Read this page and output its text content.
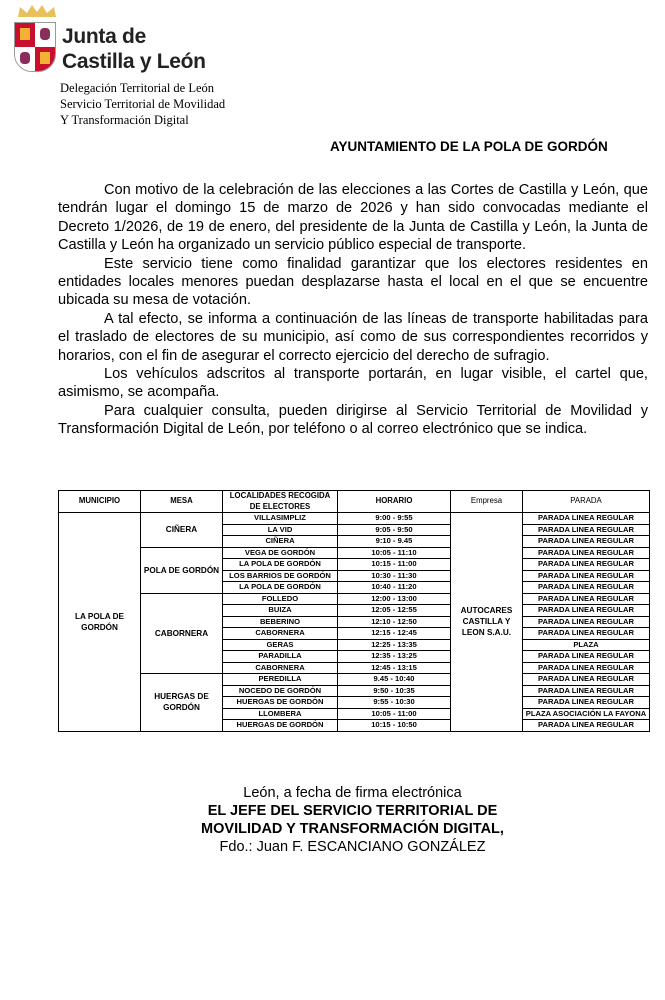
Junta de
Castilla y León
Delegación Territorial de León
Servicio Territorial de Movilidad
Y Transformación Digital
AYUNTAMIENTO DE LA POLA DE GORDÓN

Con motivo de la celebración de las elecciones a las Cortes de Castilla y León, que tendrán lugar el domingo 15 de marzo de 2026 y han sido convocadas mediante el Decreto 1/2026, de 19 de enero, del presidente de la Junta de Castilla y León, la Junta de Castilla y León ha organizado un servicio público especial de transporte.

Este servicio tiene como finalidad garantizar que los electores residentes en entidades locales menores puedan desplazarse hasta el local en el que se encuentre ubicada su mesa de votación.

A tal efecto, se informa a continuación de las líneas de transporte habilitadas para el traslado de electores de su municipio, así como de sus correspondientes recorridos y horarios, con el fin de asegurar el correcto ejercicio del derecho de sufragio.

Los vehículos adscritos al transporte portarán, en lugar visible, el cartel que, asimismo, se acompaña.

Para cualquier consulta, pueden dirigirse al Servicio Territorial de Movilidad y Transformación Digital de León, por teléfono o al correo electrónico que se indica.

MUNICIPIO	MESA	LOCALIDADES RECOGIDA DE ELECTORES	HORARIO	Empresa	PARADA
LA POLA DE GORDÓN	CIÑERA	VILLASIMPLIZ	9:00 - 9:55	AUTOCARES CASTILLA Y LEON S.A.U.	PARADA LINEA REGULAR
		LA VID	9:05 - 9:50		PARADA LINEA REGULAR
		CIÑERA	9:10 - 9.45		PARADA LINEA REGULAR
	POLA DE GORDÓN	VEGA DE GORDÓN	10:05 - 11:10		PARADA LINEA REGULAR
		LA POLA DE GORDÓN	10:15 - 11:00		PARADA LINEA REGULAR
		LOS BARRIOS DE GORDÓN	10:30 - 11:30		PARADA LINEA REGULAR
		LA POLA DE GORDÓN	10:40 - 11:20		PARADA LINEA REGULAR
	CABORNERA	FOLLEDO	12:00 - 13:00		PARADA LINEA REGULAR
		BUIZA	12:05 - 12:55		PARADA LINEA REGULAR
		BEBERINO	12:10 - 12:50		PARADA LINEA REGULAR
		CABORNERA	12:15 - 12:45		PARADA LINEA REGULAR
		GERAS	12:25 - 13:35		PLAZA
		PARADILLA	12:35 - 13:25		PARADA LINEA REGULAR
		CABORNERA	12:45 - 13:15		PARADA LINEA REGULAR
	HUERGAS DE GORDÓN	PEREDILLA	9.45 - 10:40		PARADA LINEA REGULAR
		NOCEDO DE GORDÓN	9:50 - 10:35		PARADA LINEA REGULAR
		HUERGAS DE GORDÓN	9:55 - 10:30		PARADA LINEA REGULAR
		LLOMBERA	10:05 - 11:00		PLAZA ASOCIACIÓN LA FAYONA
		HUERGAS DE GORDÓN	10:15 - 10:50		PARADA LINEA REGULAR
León, a fecha de firma electrónica
EL JEFE DEL SERVICIO TERRITORIAL DE
MOVILIDAD Y TRANSFORMACIÓN DIGITAL,
Fdo.: Juan F. ESCANCIANO GONZÁLEZ
